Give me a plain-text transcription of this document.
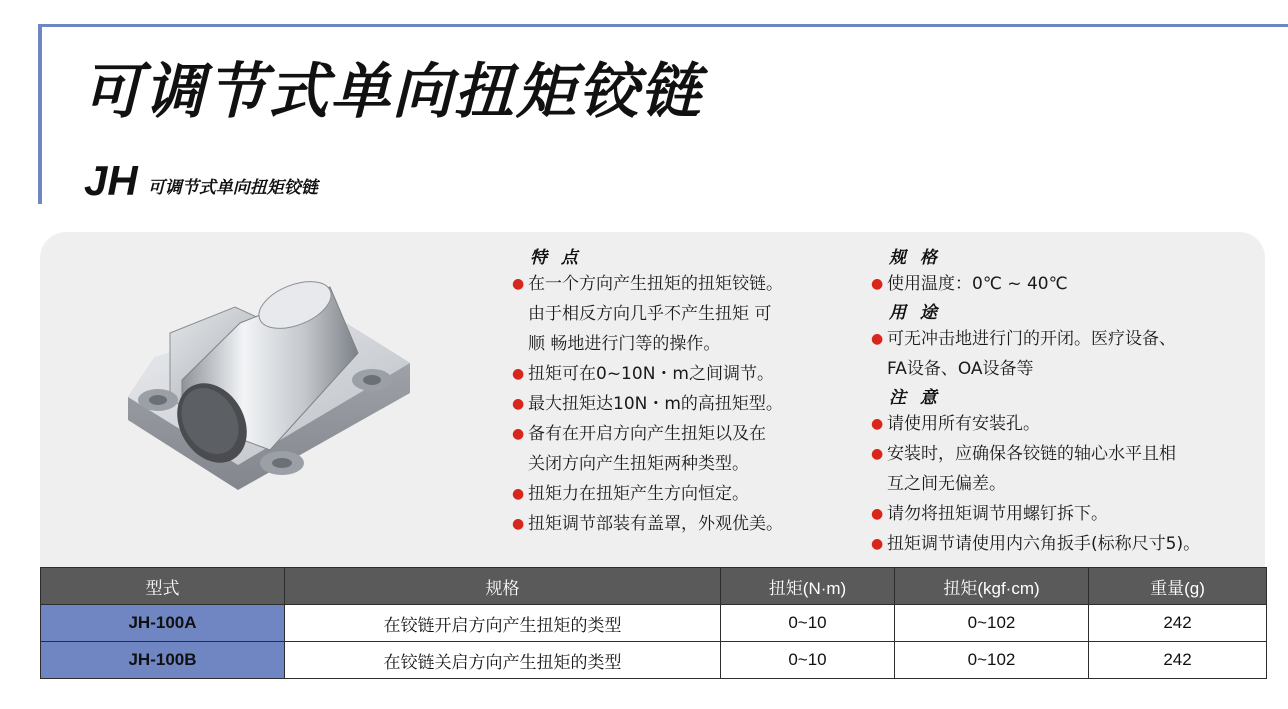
可调节式单向扭矩铰链
JH 可调节式单向扭矩铰链
特 点
● 在一个方向产生扭矩的扭矩铰链。
由于相反方向几乎不产生扭矩 可
顺 畅地进行门等的操作。
● 扭矩可在0~10N・m之间调节。
● 最大扭矩达10N・m的高扭矩型。
● 备有在开启方向产生扭矩以及在
关闭方向产生扭矩两种类型。
● 扭矩力在扭矩产生方向恒定。
● 扭矩调节部装有盖罩，外观优美。
规 格
● 使用温度：0℃ ~ 40℃
用 途
● 可无冲击地进行门的开闭。医疗设备、
FA设备、OA设备等
注 意
● 请使用所有安装孔。
● 安装时，应确保各铰链的轴心水平且相
互之间无偏差。
● 请勿将扭矩调节用螺钉拆下。
● 扭矩调节请使用内六角扳手(标称尺寸5)。
型式	规格	扭矩(N·m)	扭矩(kgf·cm)	重量(g)
JH-100A	在铰链开启方向产生扭矩的类型	0~10	0~102	242
JH-100B	在铰链关启方向产生扭矩的类型	0~10	0~102	242
